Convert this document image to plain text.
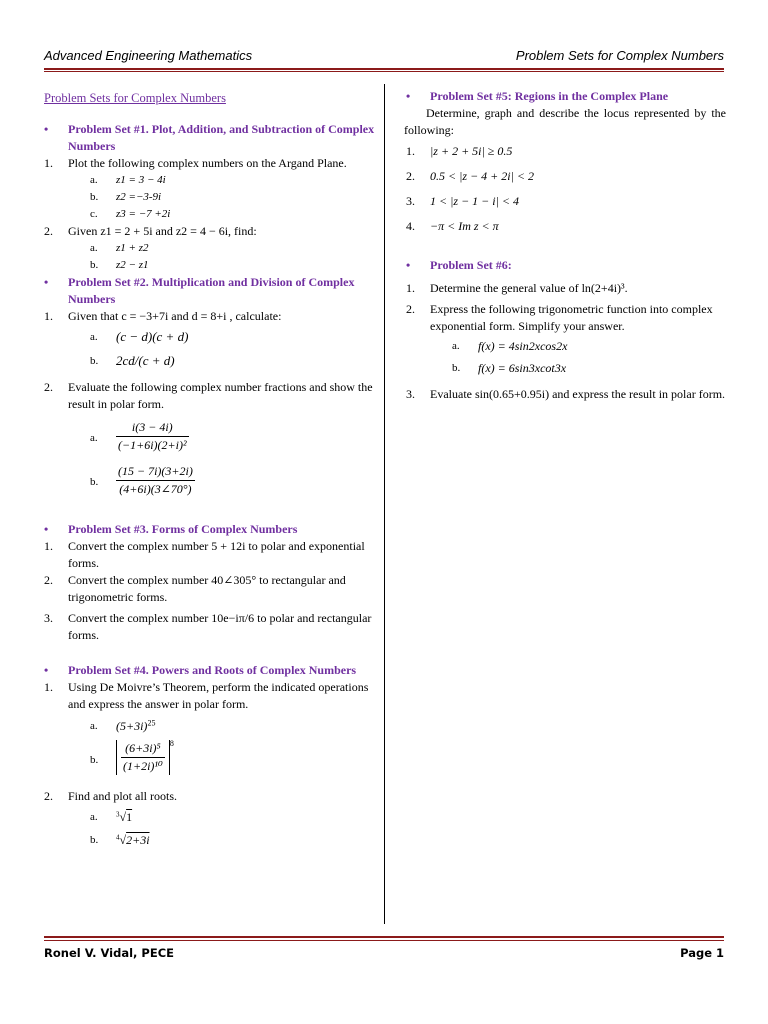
Advanced Engineering Mathematics	Problem Sets for Complex Numbers
Problem Sets for Complex Numbers
• Problem Set #1. Plot, Addition, and Subtraction of Complex Numbers
1. Plot the following complex numbers on the Argand Plane.
a. z1 = 3 − 4i
b. z2 =−3-9i
c. z3 = −7 +2i
2. Given z1 = 2 + 5i and z2 = 4 − 6i, find:
a. z1 + z2
b. z2 − z1
• Problem Set #2. Multiplication and Division of Complex Numbers
1. Given that c = −3+7i and d = 8+i , calculate:
a. (c − d)(c + d)
b. 2cd/(c + d)
2. Evaluate the following complex number fractions and show the result in polar form.
a. $\frac{i(3 - 4i)}{\text{(−1+6i)(2+i)²}}$
b. $\frac{(15 - 7i)(3+2i)}{(4+6i)(3\angle 70^\circ)}$
• Problem Set #3. Forms of Complex Numbers
1. Convert the complex number 5 + 12i to polar and exponential forms.
2. Convert the complex number 40∠305° to rectangular and trigonometric forms.
3. Convert the complex number 10e−iπ/6 to polar and rectangular forms.
• Problem Set #4. Powers and Roots of Complex Numbers
1. Using De Moivre’s Theorem, perform the indicated operations and express the answer in polar form.
a. $(5+3i)^{25}$
b. $\frac{\text{(6+3i)⁵}}{\text{(1+2i)¹⁰}} ^8$
2. Find and plot all roots.
a.	$^3$√1
b.	$^4$√2+3i
• Problem Set #5: Regions in the Complex Plane
Determine, graph and describe the locus represented by the following:
1. |z + 2 + 5i| ≥ 0.5
2. 0.5 < |z − 4 + 2i| < 2
3. 1 < |z − 1 − i| < 4
4. −π < Im z < π
• Problem Set #6:
1. Determine the general value of ln(2+4i)³.
2. Express the following trigonometric function into complex exponential form. Simplify your answer.
a. f(x) = 4sin2xcos2x
b. f(x) = 6sin3xcot3x
3. Evaluate sin(0.65+0.95i) and express the result in polar form.
Ronel V. Vidal, PECE	Page 1
